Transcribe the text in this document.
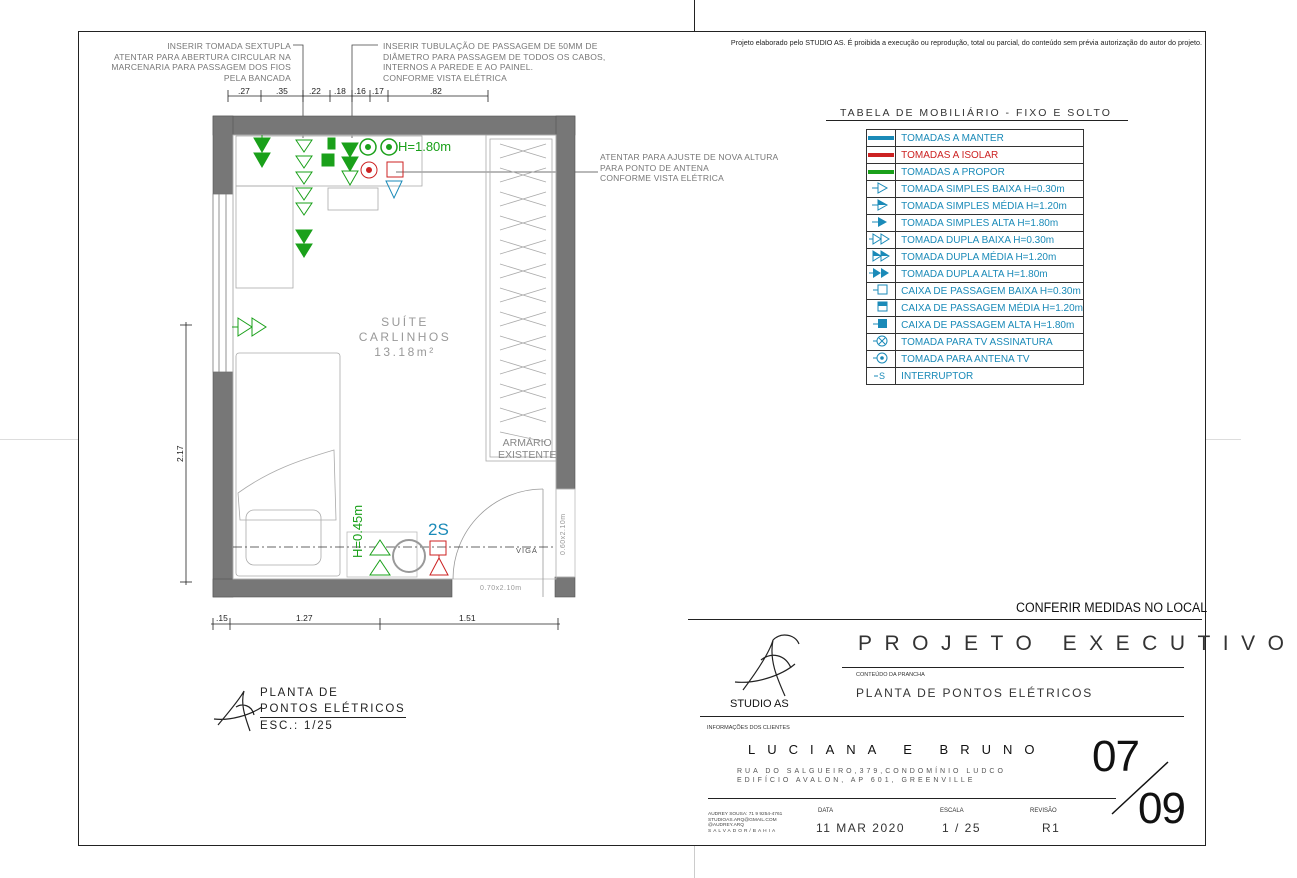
Projeto elaborado pelo STUDIO AS. É proibida a execução ou reprodução, total ou parcial, do conteúdo sem prévia autorização do autor do projeto.
INSERIR TOMADA SEXTUPLA
ATENTAR PARA ABERTURA CIRCULAR NA
MARCENARIA PARA PASSAGEM DOS FIOS
PELA BANCADA
INSERIR TUBULAÇÃO DE PASSAGEM DE 50MM DE
DIÂMETRO PARA PASSAGEM DE TODOS OS CABOS,
INTERNOS A PAREDE E AO PAINEL.
CONFORME VISTA ELÉTRICA
ATENTAR PARA AJUSTE DE NOVA ALTURA
PARA PONTO DE ANTENA
CONFORME VISTA ELÉTRICA
SUÍTE
CARLINHOS
13.18m²
ARMÁRIO
EXISTENTE
H=1.80m
H=0.45m	2S
VIGA
0.70x2.10m
0.60x2.10m
.27	.35 .22 .18 .16 .17	.82
.15	1.27	1.51
2.17
PLANTA DE
PONTOS ELÉTRICOS
ESC.: 1/25
TABELA DE MOBILIÁRIO - FIXO E SOLTO
	TOMADAS A MANTER

	TOMADAS A ISOLAR

	TOMADAS A PROPOR
	TOMADA SIMPLES BAIXA H=0.30m
	TOMADA SIMPLES MÉDIA H=1.20m
	TOMADA SIMPLES ALTA H=1.80m
	TOMADA DUPLA BAIXA H=0.30m
	TOMADA DUPLA MÉDIA H=1.20m
	TOMADA DUPLA ALTA H=1.80m
	CAIXA DE PASSAGEM BAIXA H=0.30m
	CAIXA DE PASSAGEM MÉDIA H=1.20m
	CAIXA DE PASSAGEM ALTA H=1.80m
	TOMADA PARA TV ASSINATURA
	TOMADA PARA ANTENA TV

S	INTERRUPTOR
CONFERIR MEDIDAS NO LOCAL
PROJETO EXECUTIVO
CONTEÚDO DA PRANCHA
PLANTA DE PONTOS ELÉTRICOS
STUDIO AS
INFORMAÇÕES DOS CLIENTES
LUCIANA E BRUNO
RUA DO SALGUEIRO,379,CONDOMÍNIO LUDCO
EDIFÍCIO AVALON, AP 601, GREENVILLE
AUDREY SOUSA: 71 9 9254-4761
STUDIOAS.ARQ@GMAIL.COM
@AUDREY.ARQ
SALVADOR/BAHIA
DATA
11 MAR 2020
ESCALA
1 / 25
REVISÃO
R1
07
09
